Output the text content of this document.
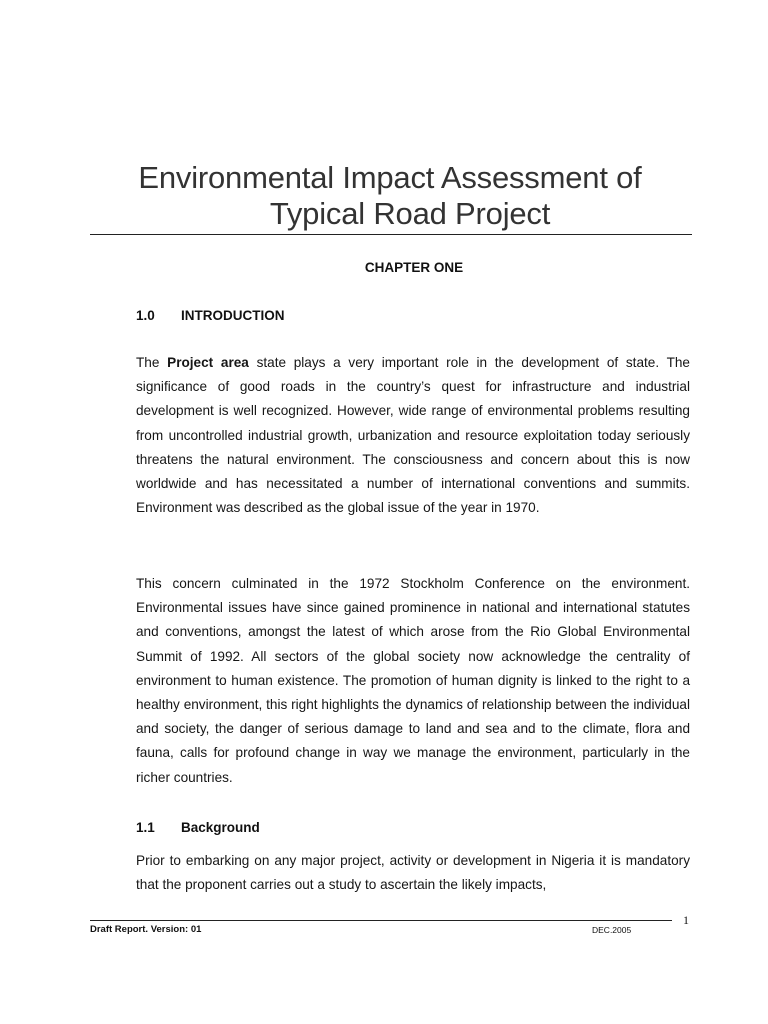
Environmental Impact Assessment of
Typical Road Project
CHAPTER ONE
1.0 INTRODUCTION
The Project area state plays a very important role in the development of state. The significance of good roads in the country’s quest for infrastructure and industrial development is well recognized. However, wide range of environmental problems resulting from uncontrolled industrial growth, urbanization and resource exploitation today seriously threatens the natural environment. The consciousness and concern about this is now worldwide and has necessitated a number of international conventions and summits. Environment was described as the global issue of the year in 1970.
This concern culminated in the 1972 Stockholm Conference on the environment. Environmental issues have since gained prominence in national and international statutes and conventions, amongst the latest of which arose from the Rio Global Environmental Summit of 1992. All sectors of the global society now acknowledge the centrality of environment to human existence. The promotion of human dignity is linked to the right to a healthy environment, this right highlights the dynamics of relationship between the individual and society, the danger of serious damage to land and sea and to the climate, flora and fauna, calls for profound change in way we manage the environment, particularly in the richer countries.
1.1 Background
Prior to embarking on any major project, activity or development in Nigeria it is mandatory that the proponent carries out a study to ascertain the likely impacts,
1
Draft Report. Version: 01	DEC.2005
